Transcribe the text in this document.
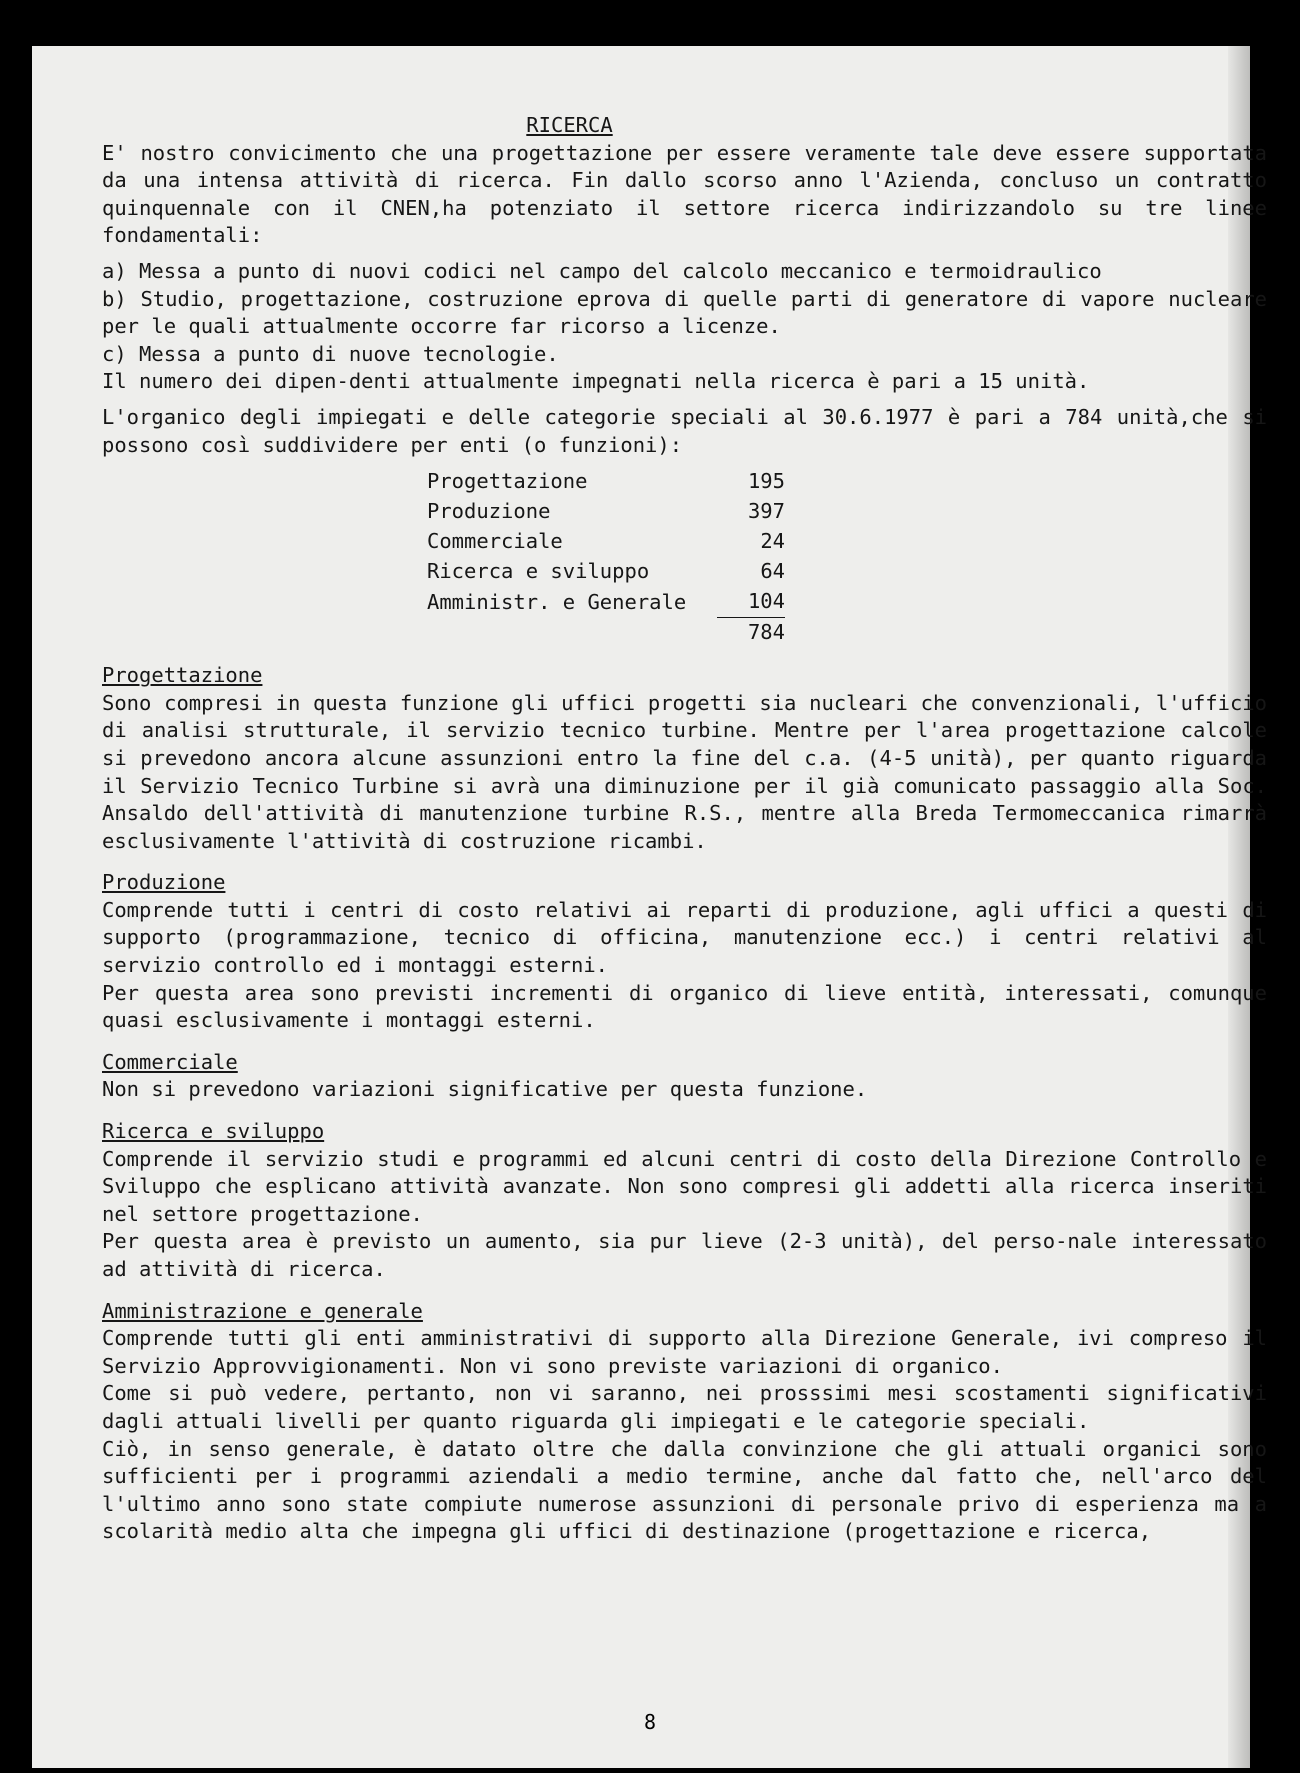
RICERCA

E' nostro convicimento che una progettazione per essere veramente tale deve essere supportata da una intensa attività di ricerca. Fin dallo scorso anno l'Azienda, concluso un contratto quinquennale con il CNEN,ha potenziato il settore ricerca indirizzandolo su tre linee fondamentali:

a) Messa a punto di nuovi codici nel campo del calcolo meccanico e termoidraulico

b) Studio, progettazione, costruzione eprova di quelle parti di generatore di vapore nucleare per le quali attualmente occorre far ricorso a licenze.

c) Messa a punto di nuove tecnologie.

Il numero dei dipen-denti attualmente impegnati nella ricerca è pari a 15 unità.

L'organico degli impiegati e delle categorie speciali al 30.6.1977 è pari a 784 unità,che si possono così suddividere per enti (o funzioni):

Progettazione	195
Produzione	397
Commerciale	24
Ricerca e sviluppo	64
Amministr. e Generale	104
	784

Progettazione

Sono compresi in questa funzione gli uffici progetti sia nucleari che convenzionali, l'ufficio di analisi strutturale, il servizio tecnico turbine. Mentre per l'area progettazione calcole si prevedono ancora alcune assunzioni entro la fine del c.a. (4-5 unità), per quanto riguarda il Servizio Tecnico Turbine si avrà una diminuzione per il già comunicato passaggio alla Soc. Ansaldo dell'attività di manutenzione turbine R.S., mentre alla Breda Termomeccanica rimarrà esclusivamente l'attività di costruzione ricambi.

Produzione

Comprende tutti i centri di costo relativi ai reparti di produzione, agli uffici a questi di supporto (programmazione, tecnico di officina, manutenzione ecc.) i centri relativi al servizio controllo ed i montaggi esterni.

Per questa area sono previsti incrementi di organico di lieve entità, interessati, comunque quasi esclusivamente i montaggi esterni.

Commerciale

Non si prevedono variazioni significative per questa funzione.

Ricerca e sviluppo

Comprende il servizio studi e programmi ed alcuni centri di costo della Direzione Controllo e Sviluppo che esplicano attività avanzate. Non sono compresi gli addetti alla ricerca inseriti nel settore progettazione.

Per questa area è previsto un aumento, sia pur lieve (2-3 unità), del perso-nale interessato ad attività di ricerca.

Amministrazione e generale

Comprende tutti gli enti amministrativi di supporto alla Direzione Generale, ivi compreso il Servizio Approvvigionamenti. Non vi sono previste variazioni di organico.

Come si può vedere, pertanto, non vi saranno, nei prosssimi mesi scostamenti significativi dagli attuali livelli per quanto riguarda gli impiegati e le categorie speciali.

Ciò, in senso generale, è datato oltre che dalla convinzione che gli attuali organici sono sufficienti per i programmi aziendali a medio termine, anche dal fatto che, nell'arco del l'ultimo anno sono state compiute numerose assunzioni di personale privo di esperienza ma a scolarità medio alta che impegna gli uffici di destinazione (progettazione e ricerca,

8
